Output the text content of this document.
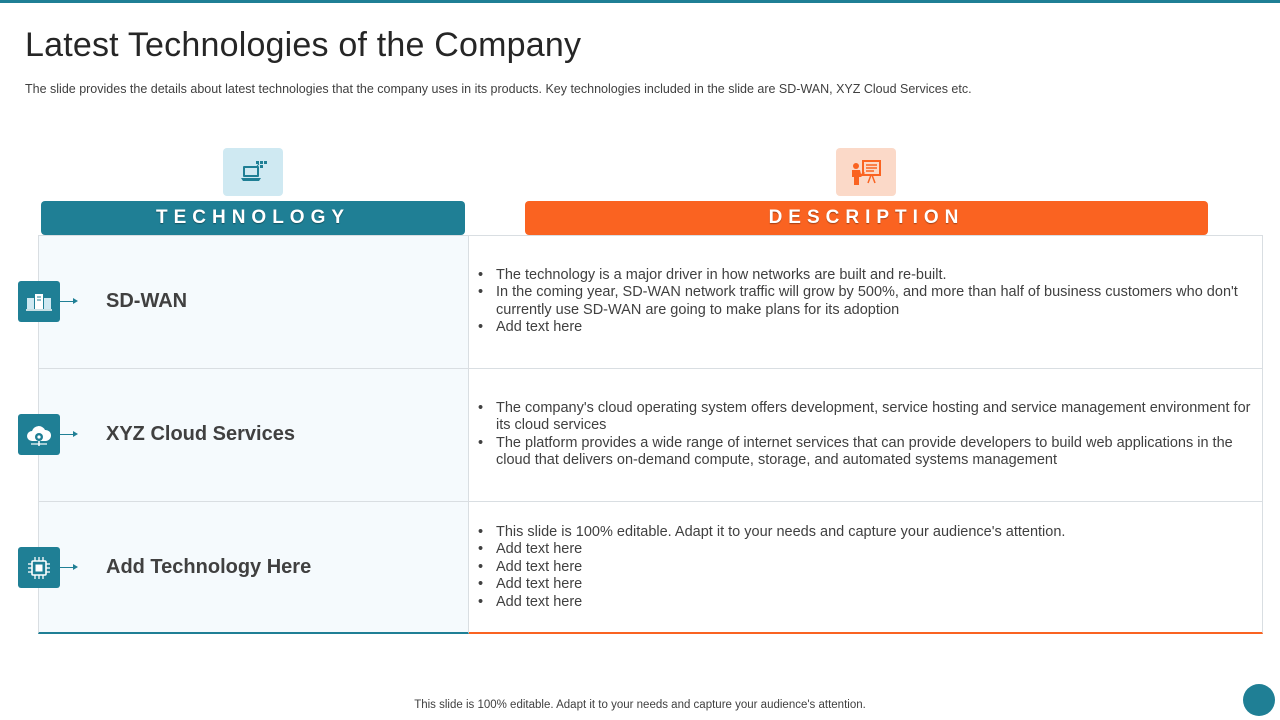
Latest Technologies of the Company

The slide provides the details about latest technologies that the company uses in its products. Key technologies included in the slide are SD-WAN, XYZ Cloud Services etc.

TECHNOLOGY	DESCRIPTION
SD-WAN
• The technology is a major driver in how networks are built and re-built.
• In the coming year, SD-WAN network traffic will grow by 500%, and more than half of business customers who don't currently use SD-WAN are going to make plans for its adoption
• Add text here
XYZ Cloud Services
• The company's cloud operating system offers development, service hosting and service management environment for its cloud services
• The platform provides a wide range of internet services that can provide developers to build web applications in the cloud that delivers on-demand compute, storage, and automated systems management
Add Technology Here
• This slide is 100% editable. Adapt it to your needs and capture your audience's attention.
• Add text here
• Add text here
• Add text here
• Add text here
This slide is 100% editable. Adapt it to your needs and capture your audience's attention.
